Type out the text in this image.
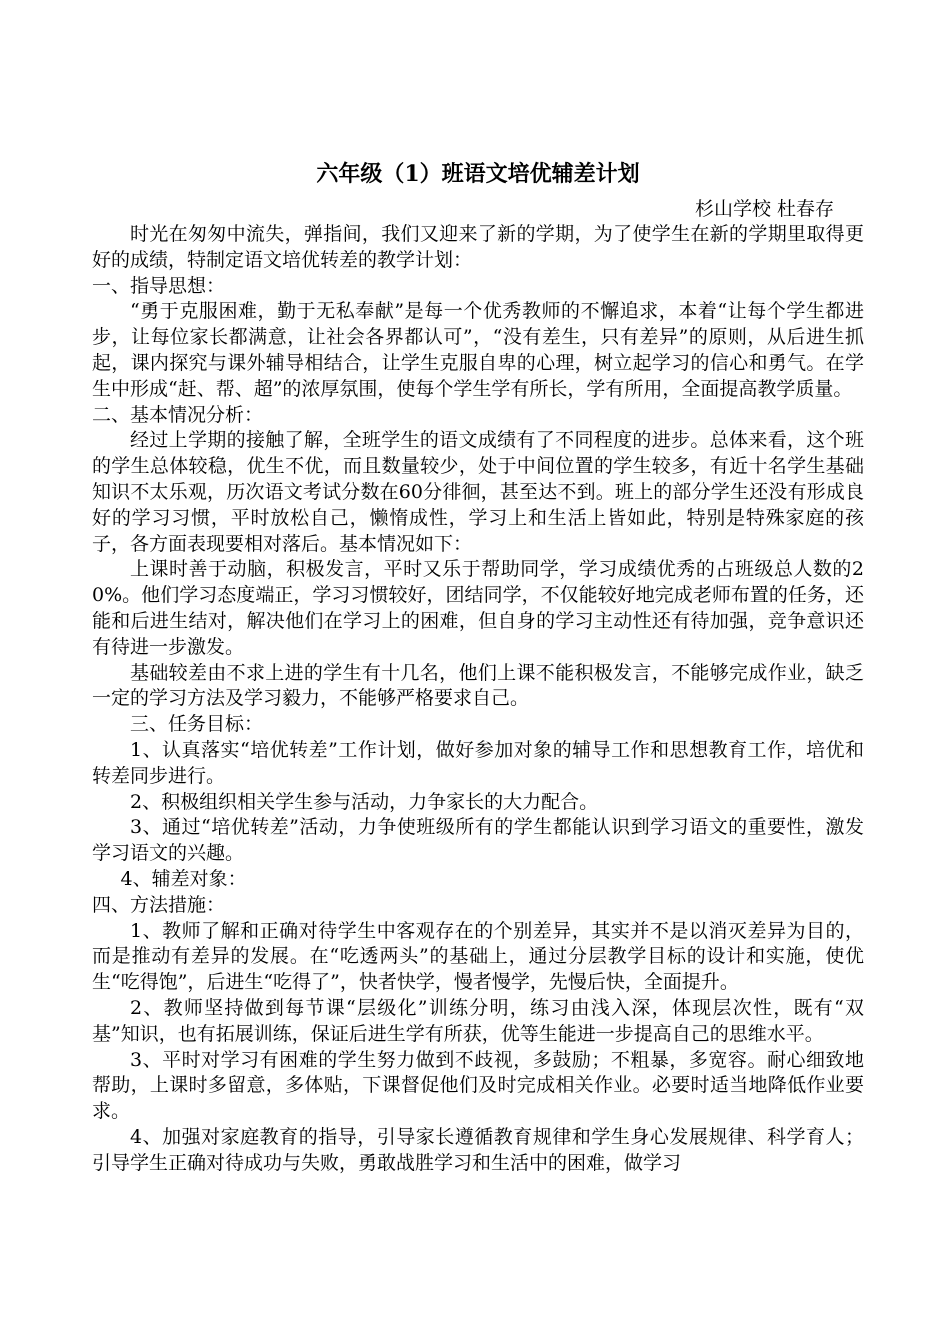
六年级（1）班语文培优辅差计划

杉山学校 杜春存

时光在匆匆中流失，弹指间，我们又迎来了新的学期，为了使学生在新的学期里取得更好的成绩，特制定语文培优转差的教学计划：

一、指导思想：

“勇于克服困难，勤于无私奉献”是每一个优秀教师的不懈追求，本着“让每个学生都进步，让每位家长都满意，让社会各界都认可”，“没有差生，只有差异”的原则，从后进生抓起，课内探究与课外辅导相结合，让学生克服自卑的心理，树立起学习的信心和勇气。在学生中形成“赶、帮、超”的浓厚氛围，使每个学生学有所长，学有所用，全面提高教学质量。

二、基本情况分析：

经过上学期的接触了解，全班学生的语文成绩有了不同程度的进步。总体来看，这个班的学生总体较稳，优生不优，而且数量较少，处于中间位置的学生较多，有近十名学生基础知识不太乐观，历次语文考试分数在60分徘徊，甚至达不到。班上的部分学生还没有形成良好的学习习惯，平时放松自己，懒惰成性，学习上和生活上皆如此，特别是特殊家庭的孩子，各方面表现要相对落后。基本情况如下：

上课时善于动脑，积极发言，平时又乐于帮助同学，学习成绩优秀的占班级总人数的20%。他们学习态度端正，学习习惯较好，团结同学，不仅能较好地完成老师布置的任务，还能和后进生结对，解决他们在学习上的困难，但自身的学习主动性还有待加强，竞争意识还有待进一步激发。

基础较差由不求上进的学生有十几名，他们上课不能积极发言，不能够完成作业，缺乏一定的学习方法及学习毅力，不能够严格要求自己。

三、任务目标：

1、认真落实“培优转差”工作计划，做好参加对象的辅导工作和思想教育工作，培优和转差同步进行。

2、积极组织相关学生参与活动，力争家长的大力配合。

3、通过“培优转差”活动，力争使班级所有的学生都能认识到学习语文的重要性，激发学习语文的兴趣。

4、辅差对象：

四、方法措施：

1、教师了解和正确对待学生中客观存在的个别差异，其实并不是以消灭差异为目的，而是推动有差异的发展。在“吃透两头”的基础上，通过分层教学目标的设计和实施，使优生“吃得饱”，后进生“吃得了”，快者快学，慢者慢学，先慢后快，全面提升。

2、教师坚持做到每节课“层级化”训练分明，练习由浅入深，体现层次性，既有“双基”知识，也有拓展训练，保证后进生学有所获，优等生能进一步提高自己的思维水平。

3、平时对学习有困难的学生努力做到不歧视，多鼓励；不粗暴，多宽容。耐心细致地帮助，上课时多留意，多体贴，下课督促他们及时完成相关作业。必要时适当地降低作业要求。

4、加强对家庭教育的指导，引导家长遵循教育规律和学生身心发展规律、科学育人；引导学生正确对待成功与失败，勇敢战胜学习和生活中的困难，做学习
